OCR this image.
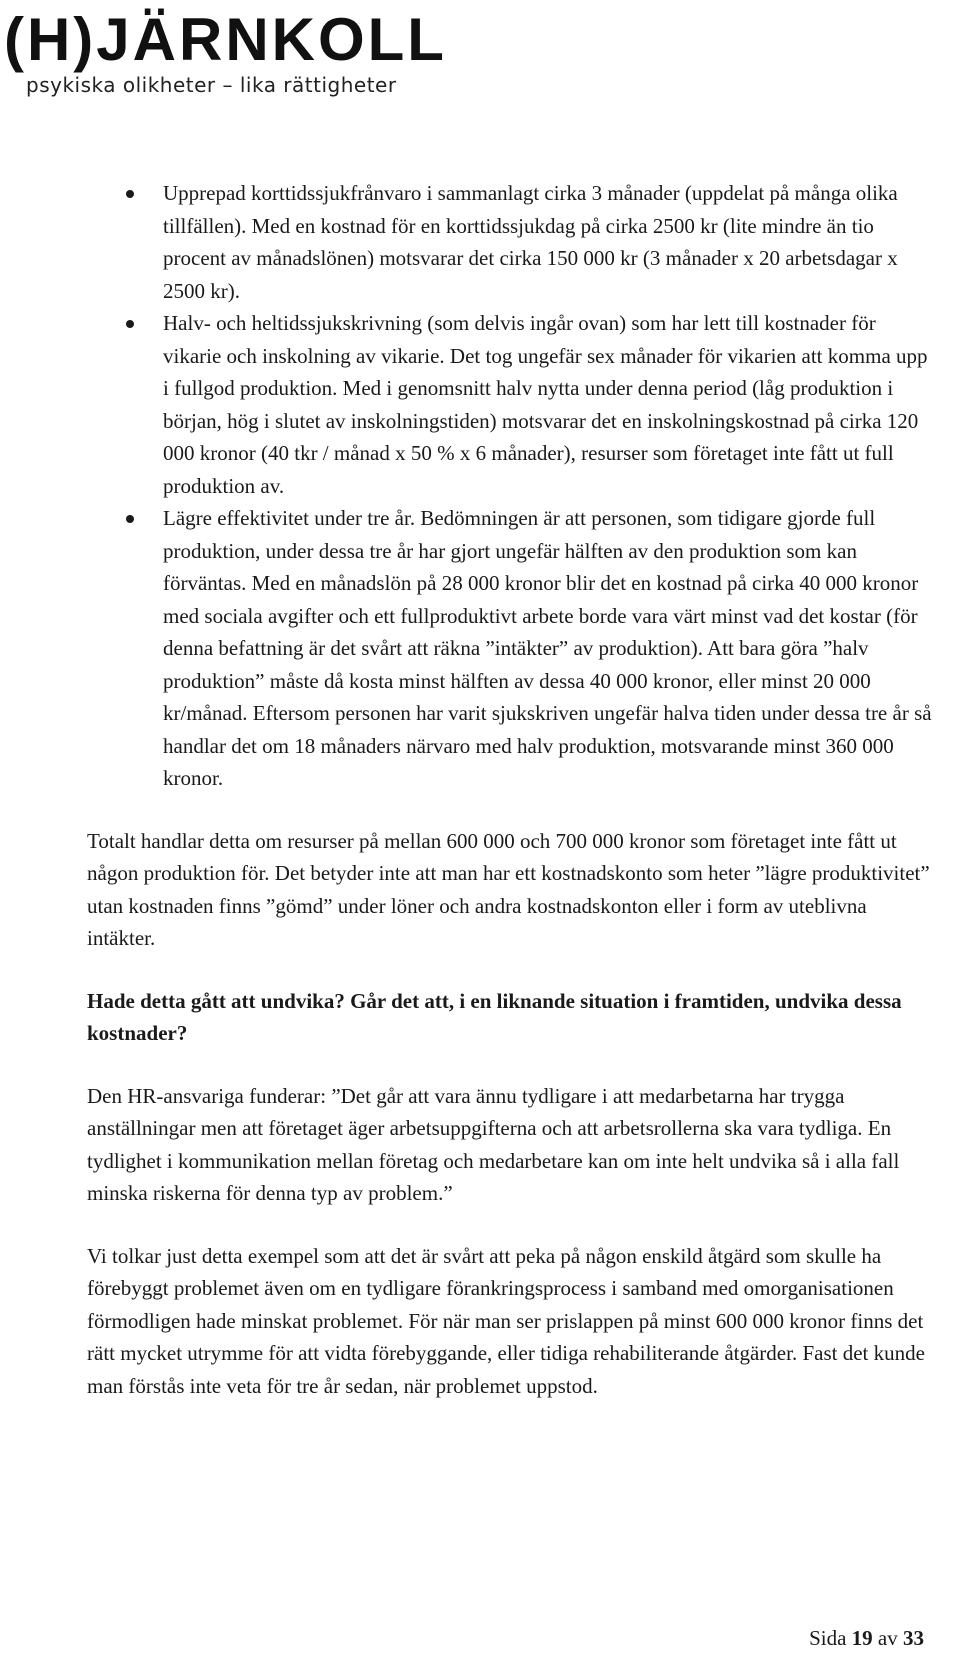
(H)JÄRNKOLL
psykiska olikheter – lika rättigheter
Upprepad korttidssjukfrånvaro i sammanlagt cirka 3 månader (uppdelat på många olika tillfällen). Med en kostnad för en korttidssjukdag på cirka 2500 kr (lite mindre än tio procent av månadslönen) motsvarar det cirka 150 000 kr (3 månader x 20 arbetsdagar x 2500 kr).
Halv- och heltidssjukskrivning (som delvis ingår ovan) som har lett till kostnader för vikarie och inskolning av vikarie. Det tog ungefär sex månader för vikarien att komma upp i fullgod produktion. Med i genomsnitt halv nytta under denna period (låg produktion i början, hög i slutet av inskolningstiden) motsvarar det en inskolningskostnad på cirka 120 000 kronor (40 tkr / månad x 50 % x 6 månader), resurser som företaget inte fått ut full produktion av.
Lägre effektivitet under tre år. Bedömningen är att personen, som tidigare gjorde full produktion, under dessa tre år har gjort ungefär hälften av den produktion som kan förväntas. Med en månadslön på 28 000 kronor blir det en kostnad på cirka 40 000 kronor med sociala avgifter och ett fullproduktivt arbete borde vara värt minst vad det kostar (för denna befattning är det svårt att räkna ”intäkter” av produktion). Att bara göra ”halv produktion” måste då kosta minst hälften av dessa 40 000 kronor, eller minst 20 000 kr/månad. Eftersom personen har varit sjukskriven ungefär halva tiden under dessa tre år så handlar det om 18 månaders närvaro med halv produktion, motsvarande minst 360 000 kronor.

Totalt handlar detta om resurser på mellan 600 000 och 700 000 kronor som företaget inte fått ut någon produktion för. Det betyder inte att man har ett kostnadskonto som heter ”lägre produktivitet” utan kostnaden finns ”gömd” under löner och andra kostnadskonton eller i form av uteblivna intäkter.

Hade detta gått att undvika? Går det att, i en liknande situation i framtiden, undvika dessa kostnader?

Den HR-ansvariga funderar: ”Det går att vara ännu tydligare i att medarbetarna har trygga anställningar men att företaget äger arbetsuppgifterna och att arbetsrollerna ska vara tydliga. En tydlighet i kommunikation mellan företag och medarbetare kan om inte helt undvika så i alla fall minska riskerna för denna typ av problem.”

Vi tolkar just detta exempel som att det är svårt att peka på någon enskild åtgärd som skulle ha förebyggt problemet även om en tydligare förankringsprocess i samband med omorganisationen förmodligen hade minskat problemet. För när man ser prislappen på minst 600 000 kronor finns det rätt mycket utrymme för att vidta förebyggande, eller tidiga rehabiliterande åtgärder. Fast det kunde man förstås inte veta för tre år sedan, när problemet uppstod.

Sida 19 av 33
